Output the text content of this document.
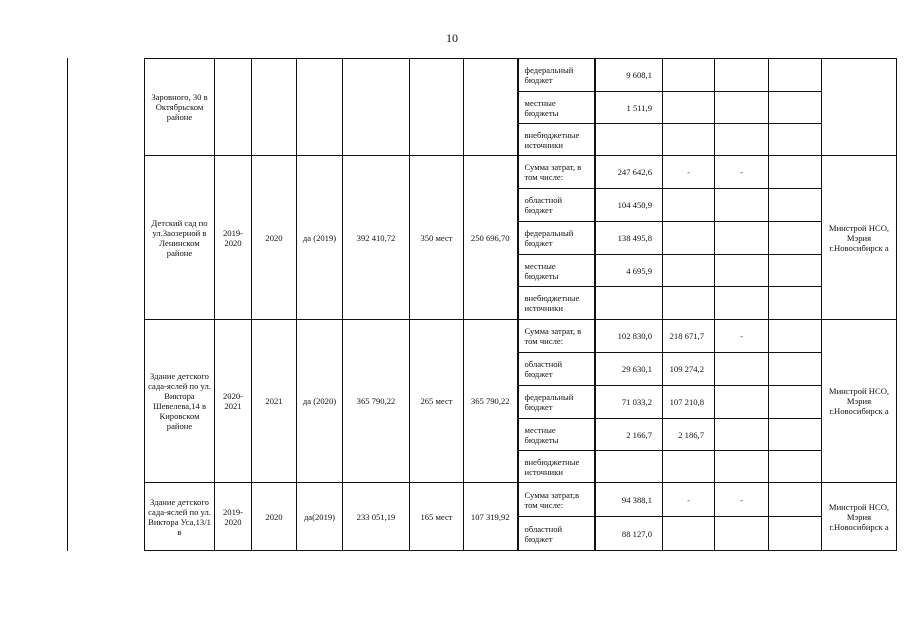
10
Заровного, 30 в Октябрьском районе							федеральный бюджет	9 608,1				
							местные бюджеты	1 511,9				
							внебюджетные источники					
Детский сад по ул.Заозерной в Ленинском районе	2019-2020	2020	да (2019)	392 410,72	350 мест	250 696,70	Сумма затрат, в том числе:	247 642,6	-	-		Минстрой НСО, Мэрия г.Новосибирск а
							областной бюджет	104 450,9				
							федеральный бюджет	138 495,8				
							местные бюджеты	4 695,9				
							внебюджетные источники					
Здание детского сада-яслей по ул. Виктора Шевелева,14 в Кировском районе	2020-2021	2021	да (2020)	365 790,22	265 мест	365 790,22	Сумма затрат, в том числе:	102 830,0	218 671,7	-		Минстрой НСО, Мэрия г.Новосибирск а
							областной бюджет	29 630,1	109 274,2			
							федеральный бюджет	71 033,2	107 210,8			
							местные бюджеты	2 166,7	2 186,7			
							внебюджетные источники					
Здание детского сада-яслей по ул. Виктора Уса,13/1 в	2019-2020	2020	да(2019)	233 051,19	165 мест	107 319,92	Сумма затрат,в том числе:	94 388,1	-	-		Минстрой НСО, Мэрия г.Новосибирск а
							областной бюджет	88 127,0				
